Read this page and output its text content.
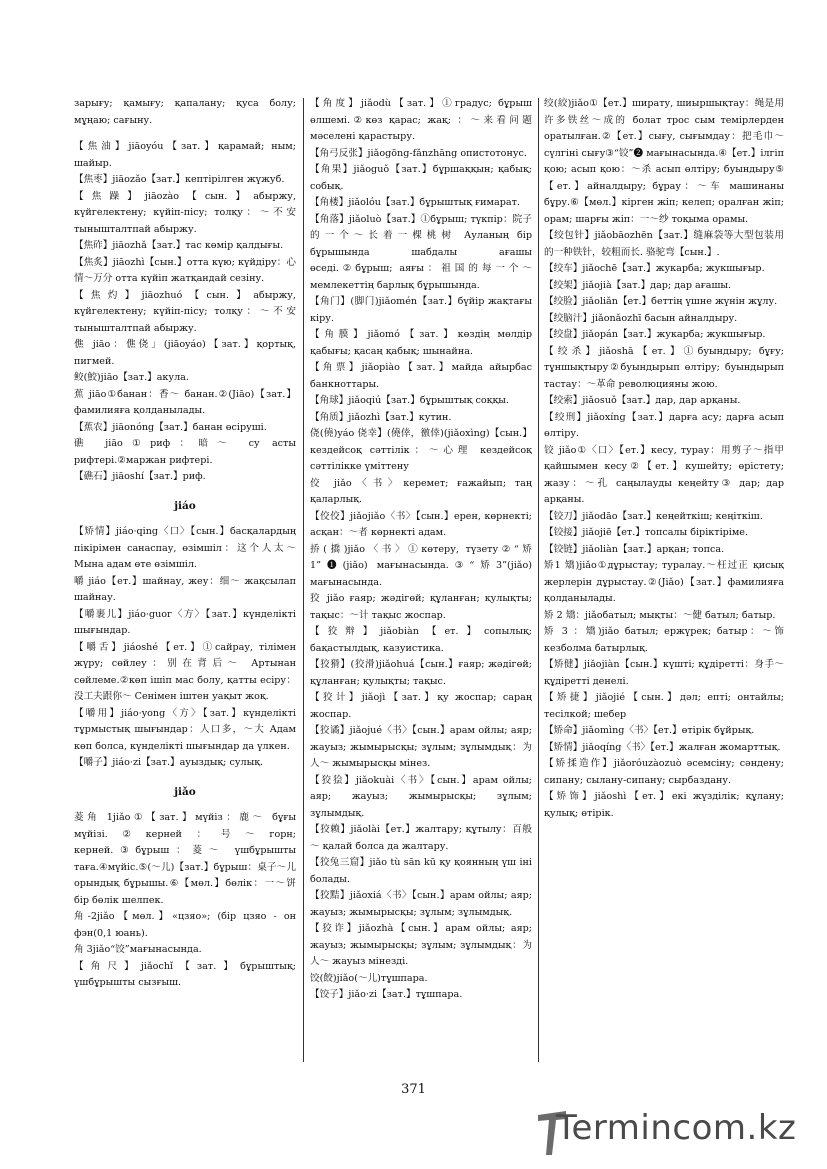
зарығу; қамығу; қапалану; қуса болу; мұңаю; сағыну.

【焦油】jiāoyóu【зат.】қарамай; ным; шайыр.

【焦枣】jiāozǎo【зат.】кептірілген жүжуб.

【焦躁】jiāozào【сын.】абыржу, күйгелектену; күйіп-пісу; толқу：～不安 тынышталтпай абыржу.

【焦砟】jiāozhǎ【зат.】тас көмір қалдығы.

【焦炙】jiāozhì【сын.】отта күю; күйдіру：心情～万分 отта күйіп жатқандай сезіну.

【焦灼】jiāozhuó【сын.】абыржу, күйгелектену; күйіп-пісу; толқу：～不安 тынышталтпай абыржу.

僬 jiāo：僬侥」(jiāoyáo)【зат.】қортық, пигмей.

鲛(鮫)jiāo【зат.】акула.

蕉 jiāo①банан：香～ банан.②(Jiāo)【зат.】фамилияға қолданылады.

【蕉农】jiāonóng【зат.】банан өсіруші.

礁 jiāo①риф：暗～ су асты рифтері.②маржан рифтері.

【礁石】jiāoshí【зат.】риф.

jiáo

【矫情】jiáo·qing〈口〉【сын.】басқалардың пікірімен санаспау, өзімшіл：这个人太～ Мына адам өте өзімшіл.

嚼 jiáo【ет.】шайнау, жеу：细～ жақсылап шайнау.

【嚼裹儿】jiáo·guor〈方〉【зат.】күнделікті шығындар.

【嚼舌】jiáoshé【ет.】①сайрау, тілімен жүру; сөйлеу：别在背后～ Артынан сөйлеме.②көп ішіп мас болу, қатты есіру：没工夫跟你～ Сенімен іштен уақыт жоқ.

【嚼用】jiáo·yong〈方〉【зат.】күнделікті тұрмыстық шығындар：人口多，～大 Адам көп болса, күнделікті шығындар да үлкен.

【嚼子】jiáo·zi【зат.】ауыздық; сулық.

jiǎo

菱角 1jiǎo①【зат.】мүйіз：鹿～ бұғы мүйізі.②керней：号～горн; керней.③бұрыш：菱～ үшбұрышты таға.④мүйіс.⑤(～儿)【зат.】бұрыш：桌子～儿 орындық бұрышы.⑥【мөл.】бөлік：一～饼 бір бөлік шелпек.

角-2jiǎo【мөл.】«цзяо»; (бір цзяо - он фэн(0,1 юань).

角 3jiǎo“饺”мағынасында.

【角尺】jiǎochǐ【зат.】бұрыштық; үшбұрышты сызғыш.

【角度】jiǎodù【зат.】①градус; бұрыш өлшемі.②көз қарас; жақ; ：～来看问题 мәселені қарастыру.

【角弓反张】jiǎogōng-fǎnzhāng опистотонус.

【角果】jiǎoguǒ【зат.】бұршаққын; қабық; собық.

【角楼】jiǎolóu【зат.】бұрыштық ғимарат.

【角落】jiǎoluò【зат.】①бұрыш; түкпір：院子的一个～长着一棵桃树 Ауланың бір бұрышында шабдалы ағашы өседі.②бұрыш; аяғы：祖国的每一个～ мемлекеттің барлық бұрышында.

【角门】(脚门)jiǎomén【зат.】бүйір жақтағы кіру.

【角膜】jiǎomó【зат.】көздің мөлдір қабығы; қасаң қабық; шынайна.

【角票】jiǎopiào【зат.】майда айырбас банкноттары.

【角球】jiǎoqiú【зат.】бұрыштық соққы.

【角质】jiǎozhì【зат.】кутин.

侥(僥)yáo 侥幸】(僥倖，徼倖)(jiǎoxìng)【сын.】кездейсоқ сәттілік：～心理 кездейсоқ сәттілікке үміттену

佼 jiǎo〈书〉керемет; ғажайып; таң қаларлық.

【佼佼】jiǎojiǎo〈书〉【сын.】ерен, көрнекті; асқан：～者 көрнекті адам.

挢(撟)jiǎo〈书〉①көтеру, түзету②“矫1”❶(jiǎo) мағынасында.③“矫3”(jiǎo) мағынасында.

狡 jiǎo ғаяр; жәдігөй; құланған; қулықты; тақыс：～计 тақыс жоспар.

【狡辩】jiǎobiàn【ет.】сопылық; бақастылдық, казуистика.

【狡猾】(狡滑)jiǎohuá【сын.】ғаяр; жәдігөй; құланған; қулықты; тақыс.

【狡计】jiǎojì【зат.】қу жоспар; сараң жоспар.

【狡谲】jiǎojué〈书〉【сын.】арам ойлы; аяр; жауыз; жымырысқы; зұлым; зұлымдық：为人～ жымырысқы мінез.

【狡狯】jiǎokuài〈书〉【сын.】арам ойлы; аяр; жауыз; жымырысқы; зұлым; зұлымдық.

【狡赖】jiǎolài【ет.】жалтару; құтылу：百般～ қалай болса да жалтару.

【狡兔三窟】jiǎo tù sān kū қу қоянның үш іні болады.

【狡黠】jiǎoxiá〈书〉【сын.】арам ойлы; аяр; жауыз; жымырысқы; зұлым; зұлымдық.

【狡诈】jiǎozhà【сын.】арам ойлы; аяр; жауыз; жымырысқы; зұлым; зұлымдық：为人～ жауыз мінезді.

饺(餃)jiǎo(～儿)тұшпара.

【饺子】jiǎo·zi【зат.】тұшпара.

绞(絞)jiǎo①【ет.】ширату, шиыршықтау：绳是用许多铁丝～成的 болат трос сым темірлерден оратылған.②【ет.】сығу, сығымдау：把毛巾～ сүлгіні сығу③“铰”❷ мағынасында.④【ет.】ілгіп қою; асып қою：～杀 асып өлтіру; буындыру⑤【ет.】айналдыру; бұрау：～车 машинаны бұру.⑥【мөл.】кірген жіп; келеп; оралған жіп; орам; шарғы жіп：一～纱 тоқыма орамы.

【绞包针】jiǎobāozhēn【зат.】缝麻袋等大型包装用的一种铁针，较粗而长. 骆驼弯【сын.】.

【绞车】jiǎochē【зат.】жукарба; жукшығыр.

【绞架】jiǎojià【зат.】дар; дар ағашы.

【绞脸】jiǎoliǎn【ет.】беттің үшне жүнін жұлу.

【绞脑汁】jiǎonǎozhī басын айналдыру.

【绞盘】jiǎopán【зат.】жукарба; жукшығыр.

【绞杀】jiǎoshā【ет.】①буындыру; бұғу; тұншықтыру②буындырып өлтіру; буындырып тастау：～革命 революцияны жою.

【绞索】jiǎosuǒ【зат.】дар, дар арқаны.

【绞刑】jiǎoxíng【зат.】дарға асу; дарға асып өлтіру.

铰 jiǎo①〈口〉【ет.】кесу, турау：用剪子～指甲 қайшымен кесу②【ет.】кушейту; өрістету; жазу：～孔 саңылауды кеңейту③ дар; дар арқаны.

【铰刀】jiǎodāo【зат.】кеңейткіш; кеңіткіш.

【铰接】jiǎojiē【ет.】топсалы біріктіріме.

【铰链】jiǎoliàn【зат.】арқан; топса.

矫1 矯)jiǎo①дұрыстау; туралау.～枉过正 қисық жерлерін дұрыстау.②(Jiǎo)【зат.】фамилияға қолданылады.

矫 2 矯：jiǎoбатыл; мықты：～健 батыл; батыр.

矫 3 ：矯)jiǎo батыл; ержүрек; батыр：～饰 кезболма батырлық.

【矫健】jiǎojiàn【сын.】күшті; құдіретті：身手～ құдіретті денелі.

【矫捷】jiǎojié【сын.】дәл; епті; онтайлы; тесілкой; шебер

【矫命】jiǎomìng〈书〉【ет.】өтірік бұйрық.

【矫情】jiǎoqíng〈书〉【ет.】жалған жомарттық.

【矫揉造作】jiǎoróuzàozuò әсемсіну; сәндену; сипану; сылану-сипану; сырбаздану.

【矫饰】jiǎoshì【ет.】екі жүзділік; құлану; қулық; өтірік.

371
Termincom.kz
